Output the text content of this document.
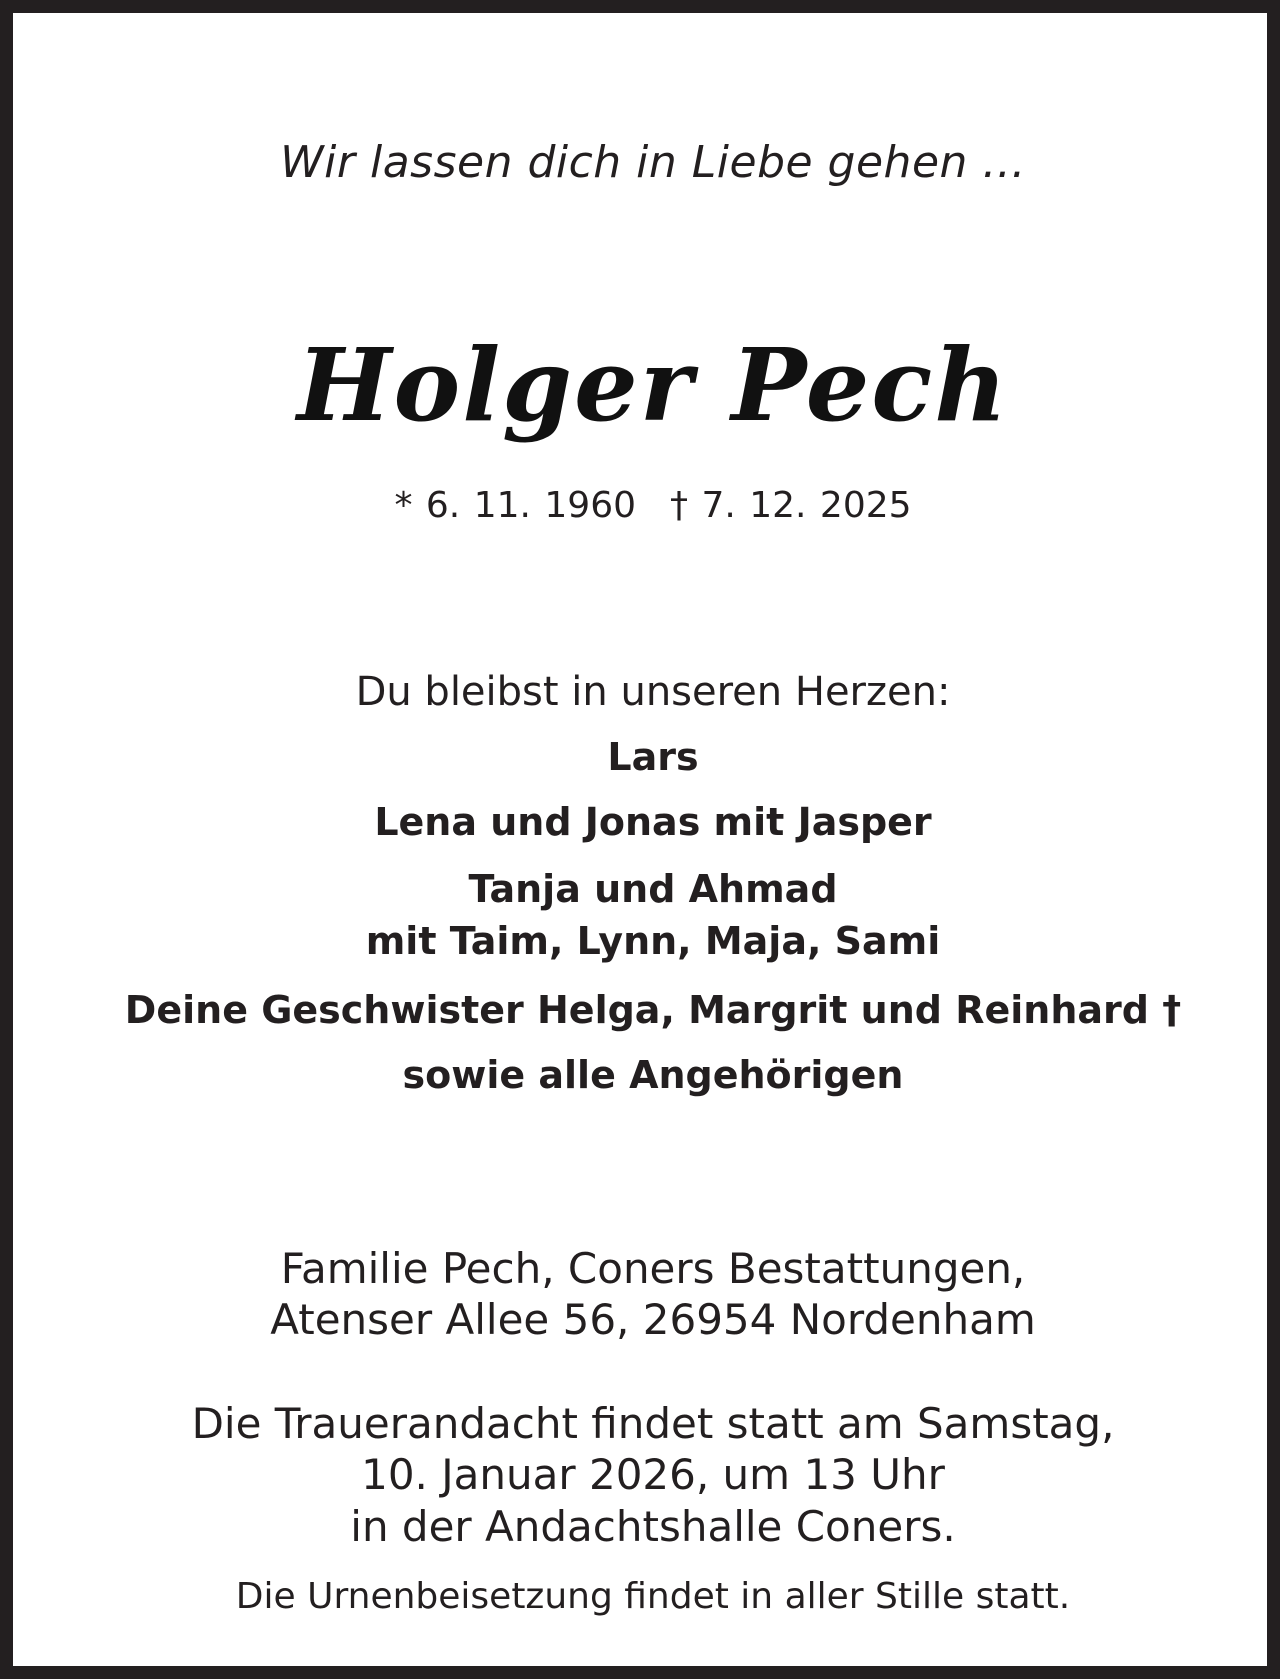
Wir lassen dich in Liebe gehen ...
Holger Pech
* 6. 11. 1960 † 7. 12. 2025
Du bleibst in unseren Herzen:
Lars
Lena und Jonas mit Jasper
Tanja und Ahmad
mit Taim, Lynn, Maja, Sami
Deine Geschwister Helga, Margrit und Reinhard †
sowie alle Angehörigen
Familie Pech, Coners Bestattungen,
Atenser Allee 56, 26954 Nordenham
Die Trauerandacht findet statt am Samstag,
10. Januar 2026, um 13 Uhr
in der Andachtshalle Coners.
Die Urnenbeisetzung findet in aller Stille statt.
